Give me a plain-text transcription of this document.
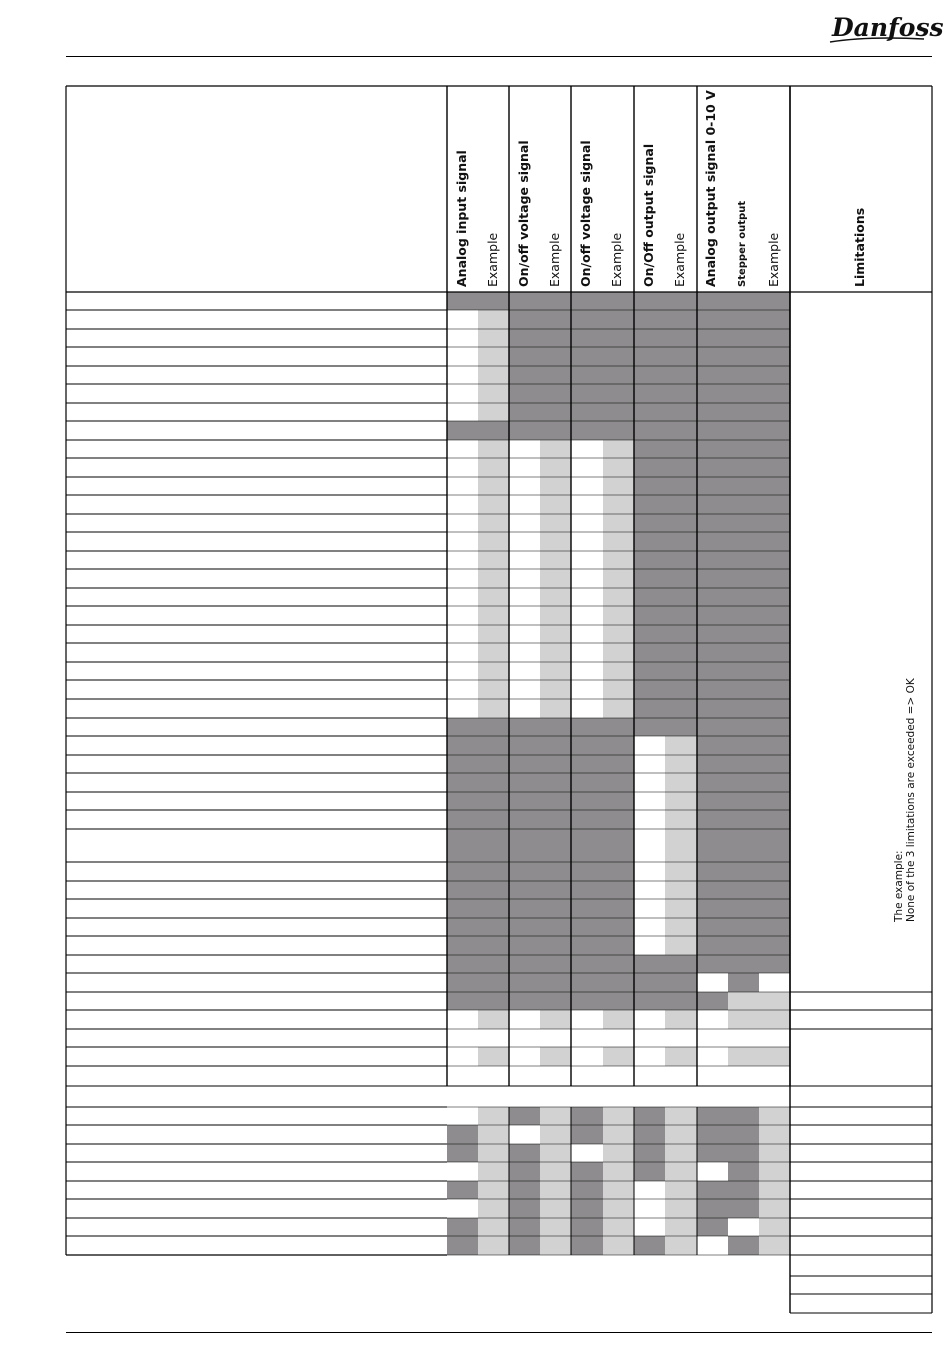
Danfoss
Analog input signal Example On/off voltage signal Example On/off voltage signal Example On/Off output signal Example Analog output signal 0-10 V Stepper output Example	Limitations
The example: None of the 3 limitations are exceeded => OK
